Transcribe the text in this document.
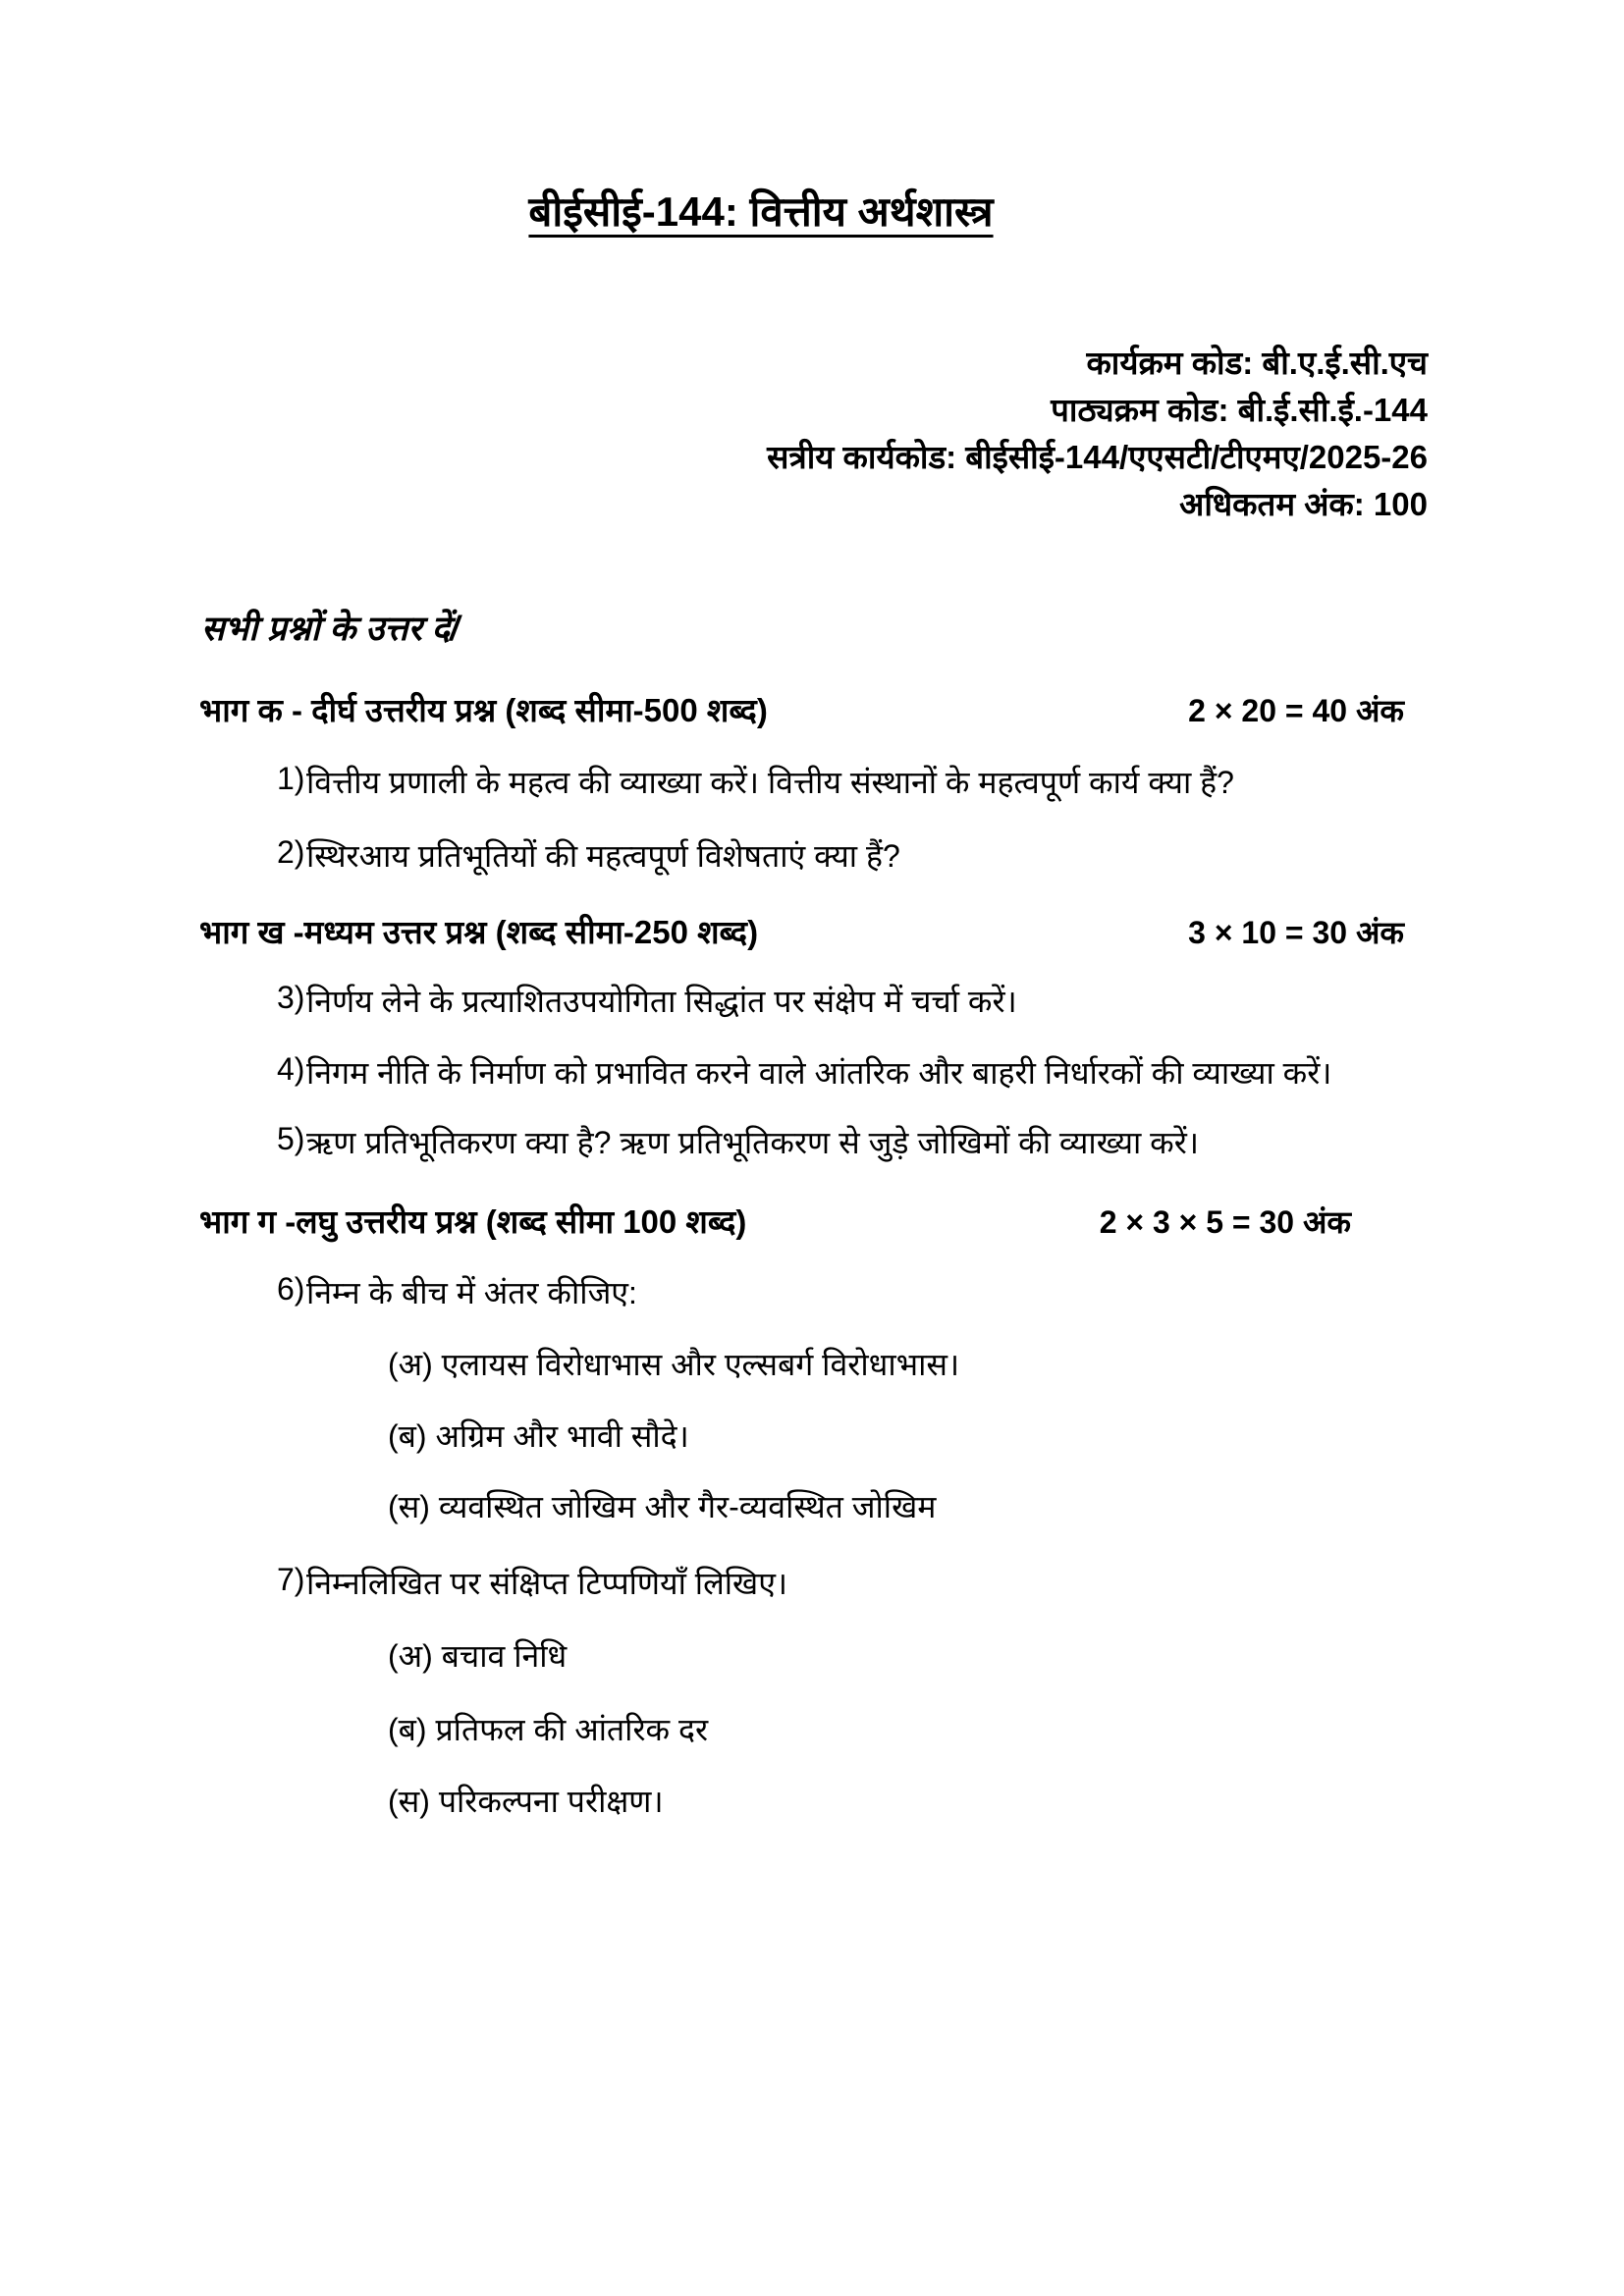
बीईसीई-144: वित्तीय अर्थशास्त्र
कार्यक्रम कोड: बी.ए.ई.सी.एच
पाठ्यक्रम कोड: बी.ई.सी.ई.-144
सत्रीय कार्यकोड: बीईसीई-144/एएसटी/टीएमए/2025-26
अधिकतम अंक: 100
सभी प्रश्नों के उत्तर दें/
भाग क - दीर्घ उत्तरीय प्रश्न (शब्द सीमा-500 शब्द)	2 × 20 = 40 अंक
1) वित्तीय प्रणाली के महत्व की व्याख्या करें। वित्तीय संस्थानों के महत्वपूर्ण कार्य क्या हैं?
2) स्थिरआय प्रतिभूतियों की महत्वपूर्ण विशेषताएं क्या हैं?
भाग ख -मध्यम उत्तर प्रश्न (शब्द सीमा-250 शब्द)	3 × 10 = 30 अंक
3) निर्णय लेने के प्रत्याशितउपयोगिता सिद्धांत पर संक्षेप में चर्चा करें।
4) निगम नीति के निर्माण को प्रभावित करने वाले आंतरिक और बाहरी निर्धारकों की व्याख्या करें।
5) ऋण प्रतिभूतिकरण क्या है? ऋण प्रतिभूतिकरण से जुड़े जोखिमों की व्याख्या करें।
भाग ग -लघु उत्तरीय प्रश्न (शब्द सीमा 100 शब्द)	2 × 3 × 5 = 30 अंक
6) निम्न के बीच में अंतर कीजिए:
(अ) एलायस विरोधाभास और एल्सबर्ग विरोधाभास।
(ब) अग्रिम और भावी सौदे।
(स) व्यवस्थित जोखिम और गैर-व्यवस्थित जोखिम
7) निम्नलिखित पर संक्षिप्त टिप्पणियाँ लिखिए।
(अ) बचाव निधि
(ब) प्रतिफल की आंतरिक दर
(स) परिकल्पना परीक्षण।
